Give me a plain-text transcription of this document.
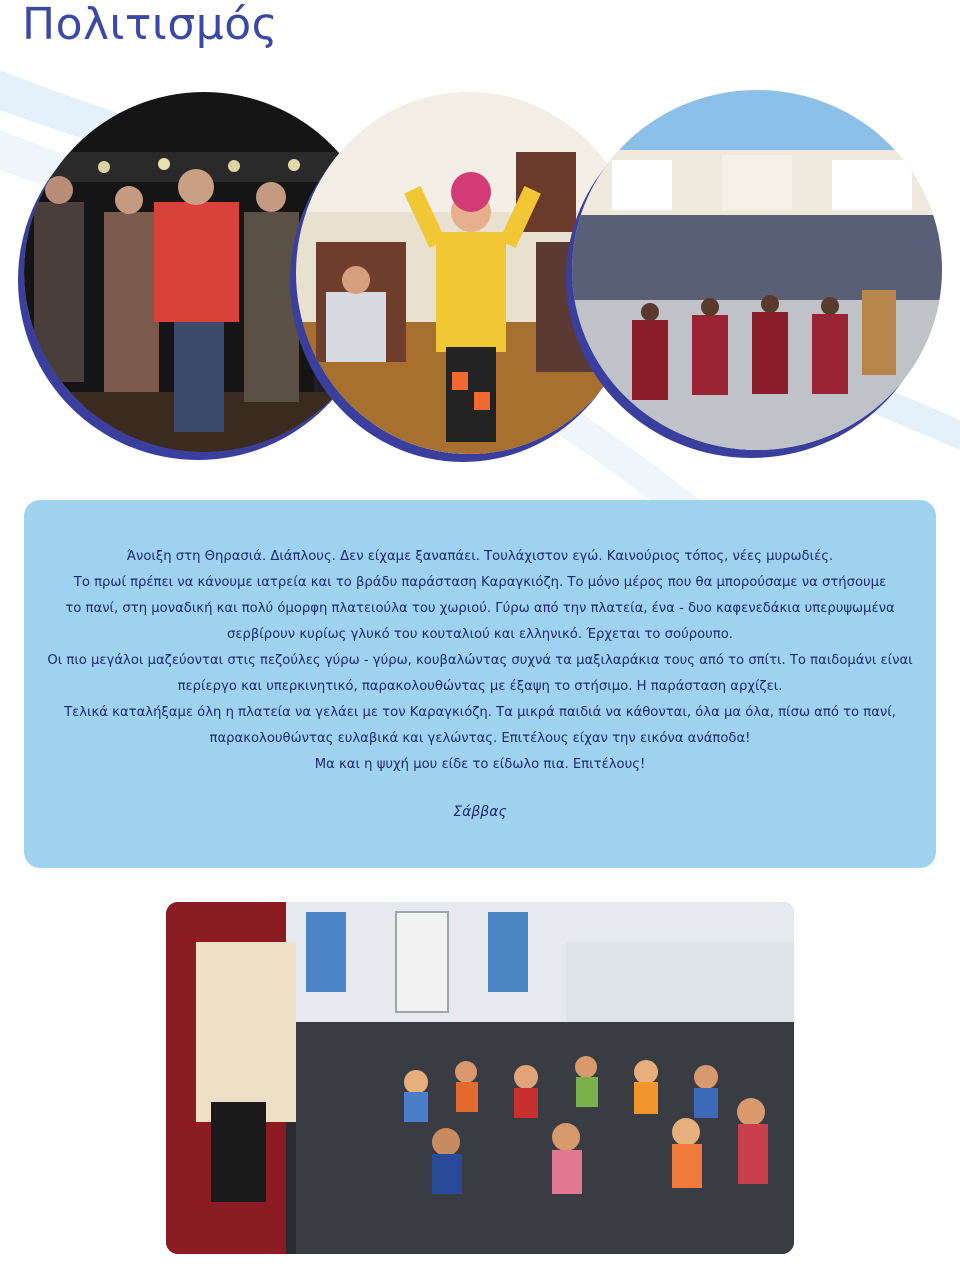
Πολιτισμός

Άνοιξη στη Θηρασιά. Διάπλους. Δεν είχαμε ξαναπάει. Τουλάχιστον εγώ. Καινούριος τόπος, νέες μυρωδιές.

Το πρωί πρέπει να κάνουμε ιατρεία και το βράδυ παράσταση Καραγκιόζη. Το μόνο μέρος που θα μπορούσαμε να στήσουμε

το πανί, στη μοναδική και πολύ όμορφη πλατειούλα του χωριού. Γύρω από την πλατεία, ένα - δυο καφενεδάκια υπερυψωμένα

σερβίρουν κυρίως γλυκό του κουταλιού και ελληνικό. Έρχεται το σούρουπο.

Οι πιο μεγάλοι μαζεύονται στις πεζούλες γύρω - γύρω, κουβαλώντας συχνά τα μαξιλαράκια τους από το σπίτι. Το παιδομάνι είναι

περίεργο και υπερκινητικό, παρακολουθώντας με έξαψη το στήσιμο. Η παράσταση αρχίζει.

Τελικά καταλήξαμε όλη η πλατεία να γελάει με τον Καραγκιόζη. Τα μικρά παιδιά να κάθονται, όλα μα όλα, πίσω από το πανί,

παρακολουθώντας ευλαβικά και γελώντας. Επιτέλους είχαν την εικόνα ανάποδα!

Μα και η ψυχή μου είδε το είδωλο πια. Επιτέλους!

Σάββας
